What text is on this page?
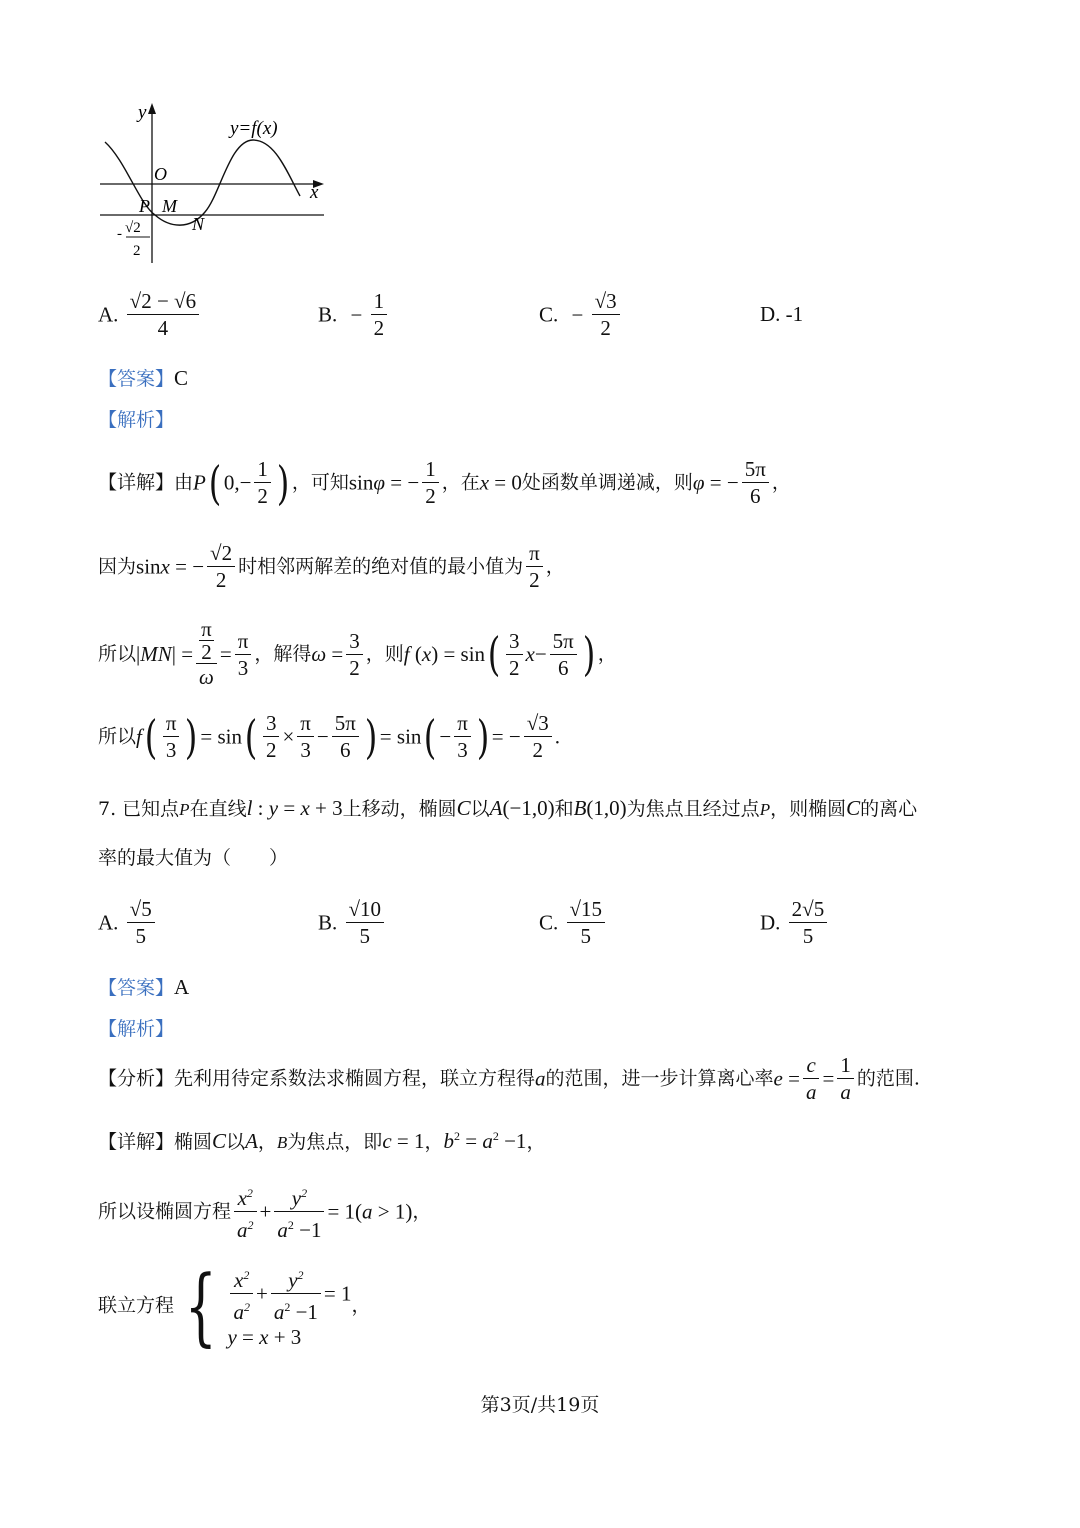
y
x
y=f(x)
O
P M
N
- √2
2
A. $\frac{√2 - √6}{4}$	B. − $\frac{1}{2}$	C. − $\frac{√3}{2}$	D. -1
【答案】C
【解析】
【详解】由P( $0,- \frac{1}{2}$ ) ，可知sinφ = − $\frac{1}{2}$ ，在x = 0处函数单调递减，则φ = − $\frac{5\pi}{6}$ ，
因为sinx = − $\frac{√2}{2}$ 时相邻两解差的绝对值的最小值为 $\frac{\pi}{2}$ ，
所以|MN| = π
2
$\omega = \frac{\pi}{3}$ ，解得$\omega = \frac{3}{2}$ ，则f $(x) = \sin( \frac{3}{2} x- \frac{5\pi}{6}$ ) ，
所以$f( \frac{\pi}{3}$ ) = $\sin( \frac{3}{2} \times \frac{\pi}{3} - \frac{5\pi}{6}$ ) = $\sin( - \frac{\pi}{3}$ ) = − $\frac{√3}{2}$ .
7. 已知点P在直线l : y = x + 3上移动，椭圆C以A(−1,0)和B(1,0)为焦点且经过点P，则椭圆C的离心
率的最大值为（　　）
A. $\frac{√5}{5}$	B. $\frac{√10}{5}$	C. $\frac{√15}{5}$	D. $\frac{2√5}{5}$
【答案】A
【解析】
【分析】先利用待定系数法求椭圆方程，联立方程得a的范围，进一步计算离心率$e = \frac{c}{a} = \frac{1}{a}$ 的范围.
【详解】椭圆C以A，B为焦点，即c = 1，$b^2 = a^2 -1$，
所以设椭圆方程 $\frac{x^2}{a^2} + \frac{y^2}{a^2 -1} = 1(a > 1)$，
联立方程 { $\frac{x^2}{a^2} + \frac{y^2}{a^2 -1} = 1$
y = x + 3
，
第3页/共19页
